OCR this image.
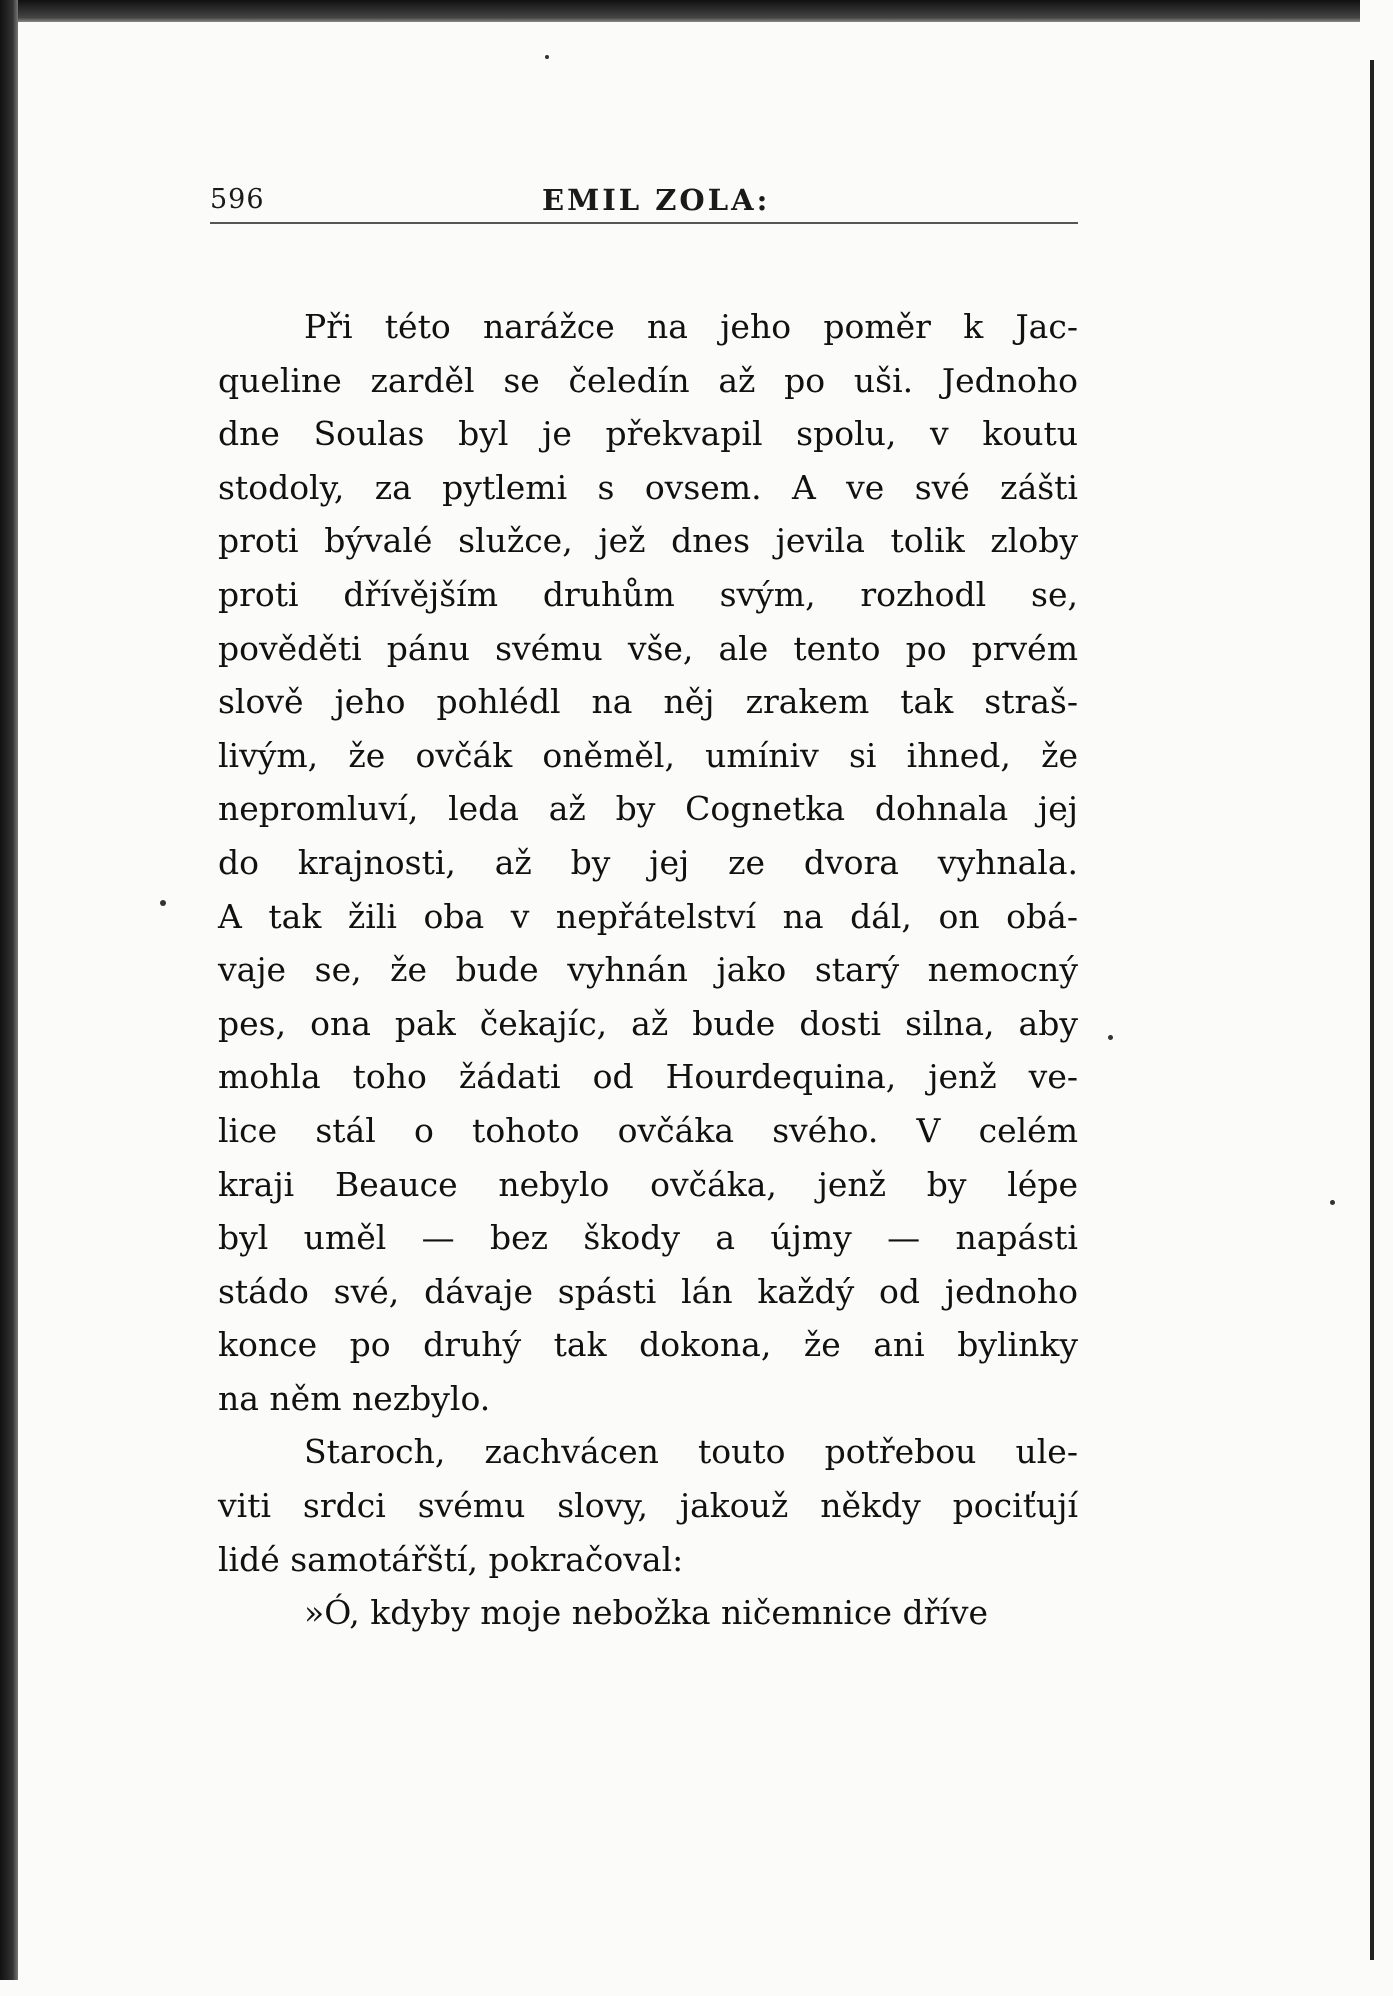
596	EMIL ZOLA:
Při této narážce na jeho poměr k Jac-
queline zarděl se čeledín až po uši. Jednoho
dne Soulas byl je překvapil spolu, v koutu
stodoly, za pytlemi s ovsem. A ve své zášti
proti bývalé služce, jež dnes jevila tolik zloby
proti dřívějším druhům svým, rozhodl se,
pověděti pánu svému vše, ale tento po prvém
slově jeho pohlédl na něj zrakem tak straš-
livým, že ovčák oněměl, umíniv si ihned, že
nepromluví, leda až by Cognetka dohnala jej
do krajnosti, až by jej ze dvora vyhnala.
A tak žili oba v nepřátelství na dál, on obá-
vaje se, že bude vyhnán jako starý nemocný
pes, ona pak čekajíc, až bude dosti silna, aby
mohla toho žádati od Hourdequina, jenž ve-
lice stál o tohoto ovčáka svého. V celém
kraji Beauce nebylo ovčáka, jenž by lépe
byl uměl — bez škody a újmy — napásti
stádo své, dávaje spásti lán každý od jednoho
konce po druhý tak dokona, že ani bylinky
na něm nezbylo.
Staroch, zachvácen touto potřebou ule-
viti srdci svému slovy, jakouž někdy pociťují
lidé samotářští, pokračoval:
»Ó, kdyby moje nebožka ničemnice dříve
